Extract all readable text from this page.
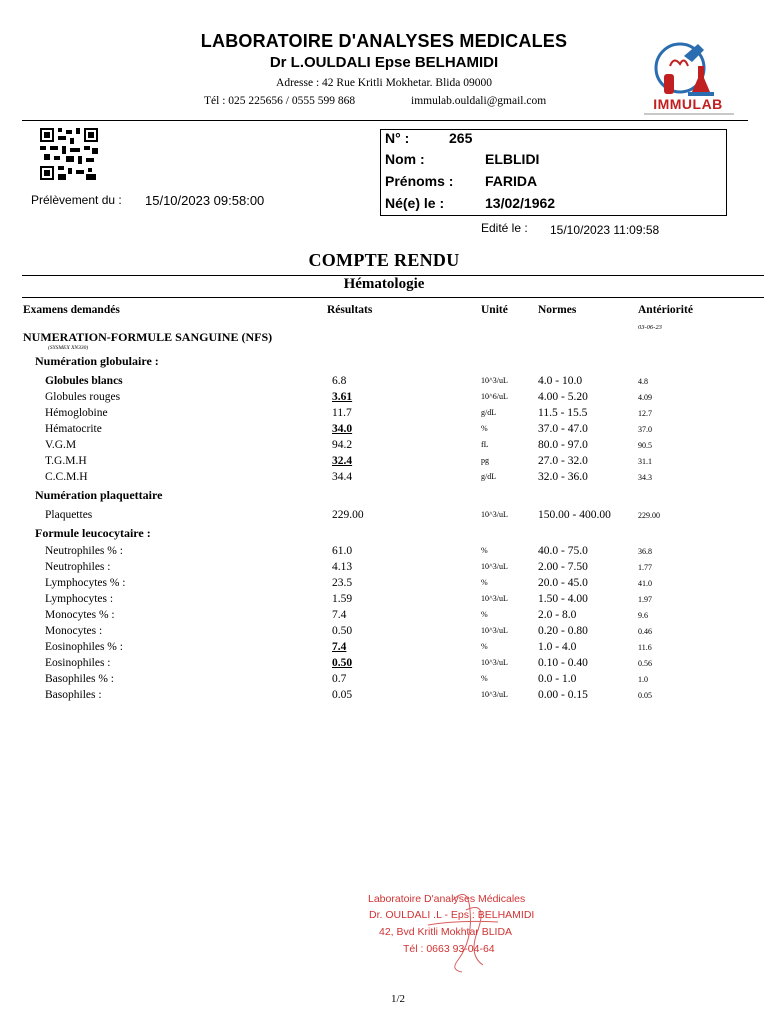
LABORATOIRE D'ANALYSES MEDICALES
Dr L.OULDALI Epse BELHAMIDI
Adresse : 42 Rue Kritli Mokhetar. Blida 09000
Tél : 025 225656 / 0555 599 868	immulab.ouldali@gmail.com	IMMULAB
Prélèvement du : 15/10/2023 09:58:00
N° :	265
Nom :	ELBLIDI
Prénoms : FARIDA
Né(e) le :	13/02/1962
Edité le : 15/10/2023 11:09:58
COMPTE RENDU
Hématologie
Examens demandés	Résultats	Unité	Normes	Antériorité
03-06-23
NUMERATION-FORMULE SANGUINE (NFS)
(SYSMEX XN330)
Numération globulaire :
Numération plaquettaire
Formule leucocytaire :
Globules blancs	6.8	10^3/uL	4.0 - 10.0	4.8
Globules rouges	3.61	10^6/uL	4.00 - 5.20	4.09
Hémoglobine	11.7	g/dL	11.5 - 15.5	12.7
Hématocrite	34.0	%	37.0 - 47.0	37.0
V.G.M	94.2	fL	80.0 - 97.0	90.5
T.G.M.H	32.4	pg	27.0 - 32.0	31.1
C.C.M.H	34.4	g/dL	32.0 - 36.0	34.3
Plaquettes	229.00	10^3/uL	150.00 - 400.00	229.00
Neutrophiles % :	61.0	%	40.0 - 75.0	36.8
Neutrophiles :	4.13	10^3/uL	2.00 - 7.50	1.77
Lymphocytes % :	23.5	%	20.0 - 45.0	41.0
Lymphocytes :	1.59	10^3/uL	1.50 - 4.00	1.97
Monocytes % :	7.4	%	2.0 - 8.0	9.6
Monocytes :	0.50	10^3/uL	0.20 - 0.80	0.46
Eosinophiles % :	7.4	%	1.0 - 4.0	11.6
Eosinophiles :	0.50	10^3/uL	0.10 - 0.40	0.56
Basophiles % :	0.7	%	0.0 - 1.0	1.0
Basophiles :	0.05	10^3/uL	0.00 - 0.15	0.05
Laboratoire D'analyses Médicales
Dr. OULDALI .L - Eps : BELHAMIDI
42, Bvd Kritli Mokhtar BLIDA
Tél : 0663 93-04-64
1/2
